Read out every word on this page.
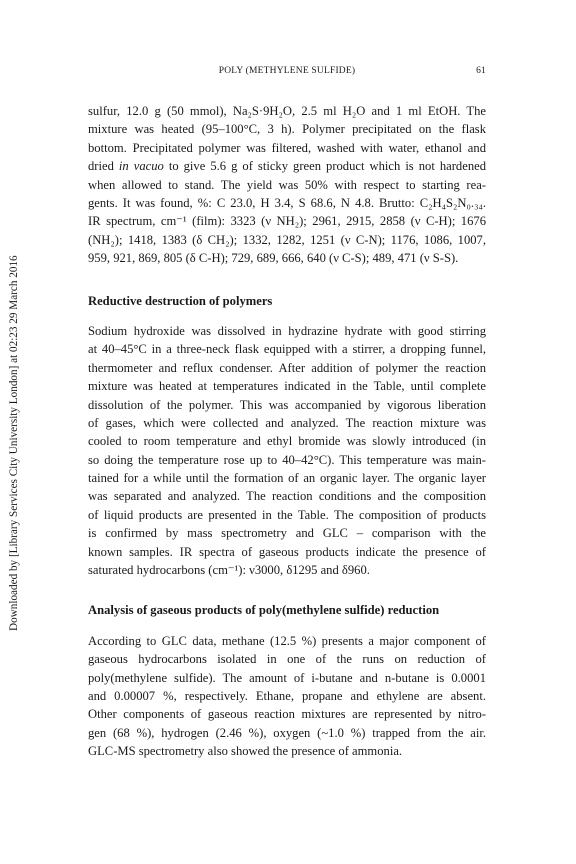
POLY (METHYLENE SULFIDE)	61
Downloaded by [Library Services City University London] at 02:23 29 March 2016
sulfur, 12.0 g (50 mmol), Na₂S·9H₂O, 2.5 ml H₂O and 1 ml EtOH. The
mixture was heated (95–100°C, 3 h). Polymer precipitated on the flask
bottom. Precipitated polymer was filtered, washed with water, ethanol and
dried in vacuo to give 5.6 g of sticky green product which is not hardened
when allowed to stand. The yield was 50% with respect to starting rea-
gents. It was found, %: C 23.0, H 3.4, S 68.6, N 4.8. Brutto: C₂H₄S₂N₀.₃₄.
IR spectrum, cm⁻¹ (film): 3323 (ν NH₂); 2961, 2915, 2858 (ν C-H); 1676
(NH₂); 1418, 1383 (δ CH₂); 1332, 1282, 1251 (ν C-N); 1176, 1086, 1007,
959, 921, 869, 805 (δ C-H); 729, 689, 666, 640 (ν C-S); 489, 471 (ν S-S).
Reductive destruction of polymers
Sodium hydroxide was dissolved in hydrazine hydrate with good stirring
at 40–45°C in a three-neck flask equipped with a stirrer, a dropping funnel,
thermometer and reflux condenser. After addition of polymer the reaction
mixture was heated at temperatures indicated in the Table, until complete
dissolution of the polymer. This was accompanied by vigorous liberation
of gases, which were collected and analyzed. The reaction mixture was
cooled to room temperature and ethyl bromide was slowly introduced (in
so doing the temperature rose up to 40–42°C). This temperature was main-
tained for a while until the formation of an organic layer. The organic layer
was separated and analyzed. The reaction conditions and the composition
of liquid products are presented in the Table. The composition of products
is confirmed by mass spectrometry and GLC – comparison with the
known samples. IR spectra of gaseous products indicate the presence of
saturated hydrocarbons (cm⁻¹): ν3000, δ1295 and δ960.
Analysis of gaseous products of poly(methylene sulfide) reduction
According to GLC data, methane (12.5 %) presents a major component of
gaseous hydrocarbons isolated in one of the runs on reduction of
poly(methylene sulfide). The amount of i-butane and n-butane is 0.0001
and 0.00007 %, respectively. Ethane, propane and ethylene are absent.
Other components of gaseous reaction mixtures are represented by nitro-
gen (68 %), hydrogen (2.46 %), oxygen (~1.0 %) trapped from the air.
GLC-MS spectrometry also showed the presence of ammonia.
